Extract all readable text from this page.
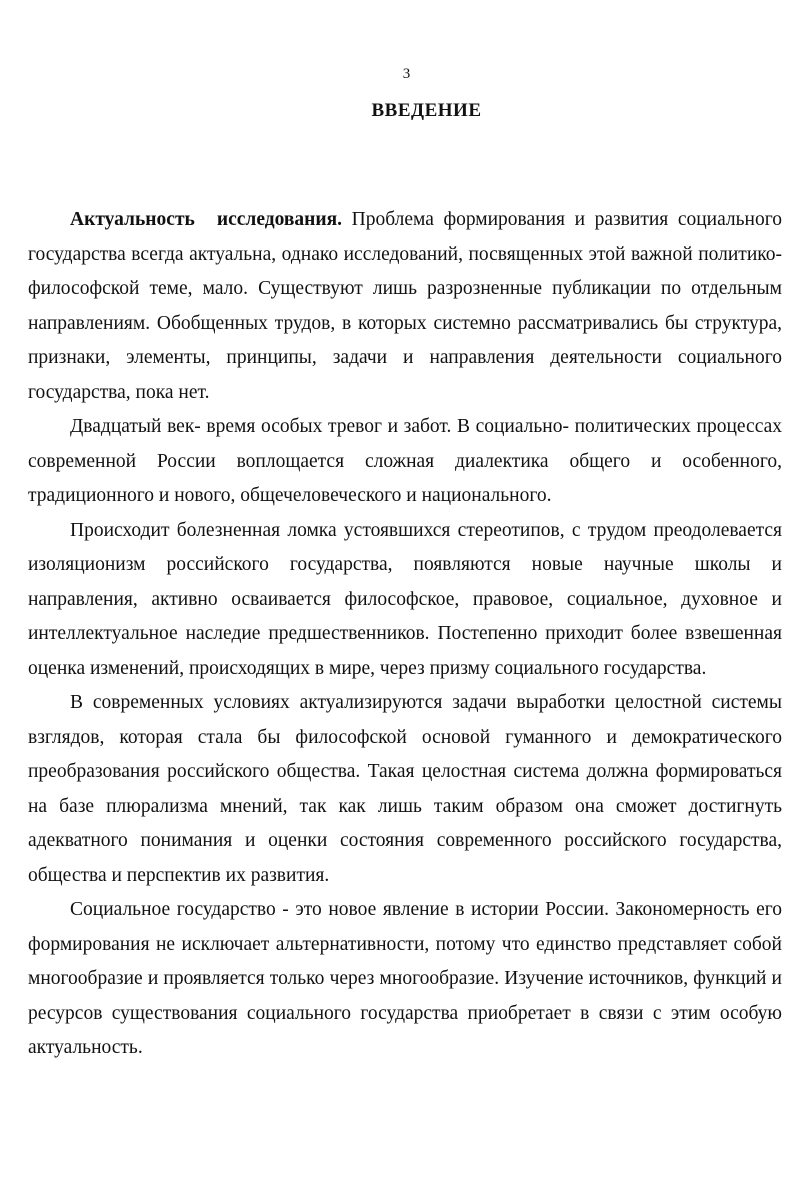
3
ВВЕДЕНИЕ

Актуальность исследования. Проблема формирования и развития социального государства всегда актуальна, однако исследований, посвященных этой важной политико-философской теме, мало. Существуют лишь разрозненные публикации по отдельным направлениям. Обобщенных трудов, в которых системно рассматривались бы структура, признаки, элементы, принципы, задачи и направления деятельности социального государства, пока нет.

Двадцатый век- время особых тревог и забот. В социально- политических процессах современной России воплощается сложная диалектика общего и особенного, традиционного и нового, общечеловеческого и национального.

Происходит болезненная ломка устоявшихся стереотипов, с трудом преодолевается изоляционизм российского государства, появляются новые научные школы и направления, активно осваивается философское, правовое, социальное, духовное и интеллектуальное наследие предшественников. Постепенно приходит более взвешенная оценка изменений, происходящих в мире, через призму социального государства.

В современных условиях актуализируются задачи выработки целостной системы взглядов, которая стала бы философской основой гуманного и демократического преобразования российского общества. Такая целостная система должна формироваться на базе плюрализма мнений, так как лишь таким образом она сможет достигнуть адекватного понимания и оценки состояния современного российского государства, общества и перспектив их развития.

Социальное государство - это новое явление в истории России. Закономерность его формирования не исключает альтернативности, потому что единство представляет собой многообразие и проявляется только через многообразие. Изучение источников, функций и ресурсов существования социального государства приобретает в связи с этим особую актуальность.
